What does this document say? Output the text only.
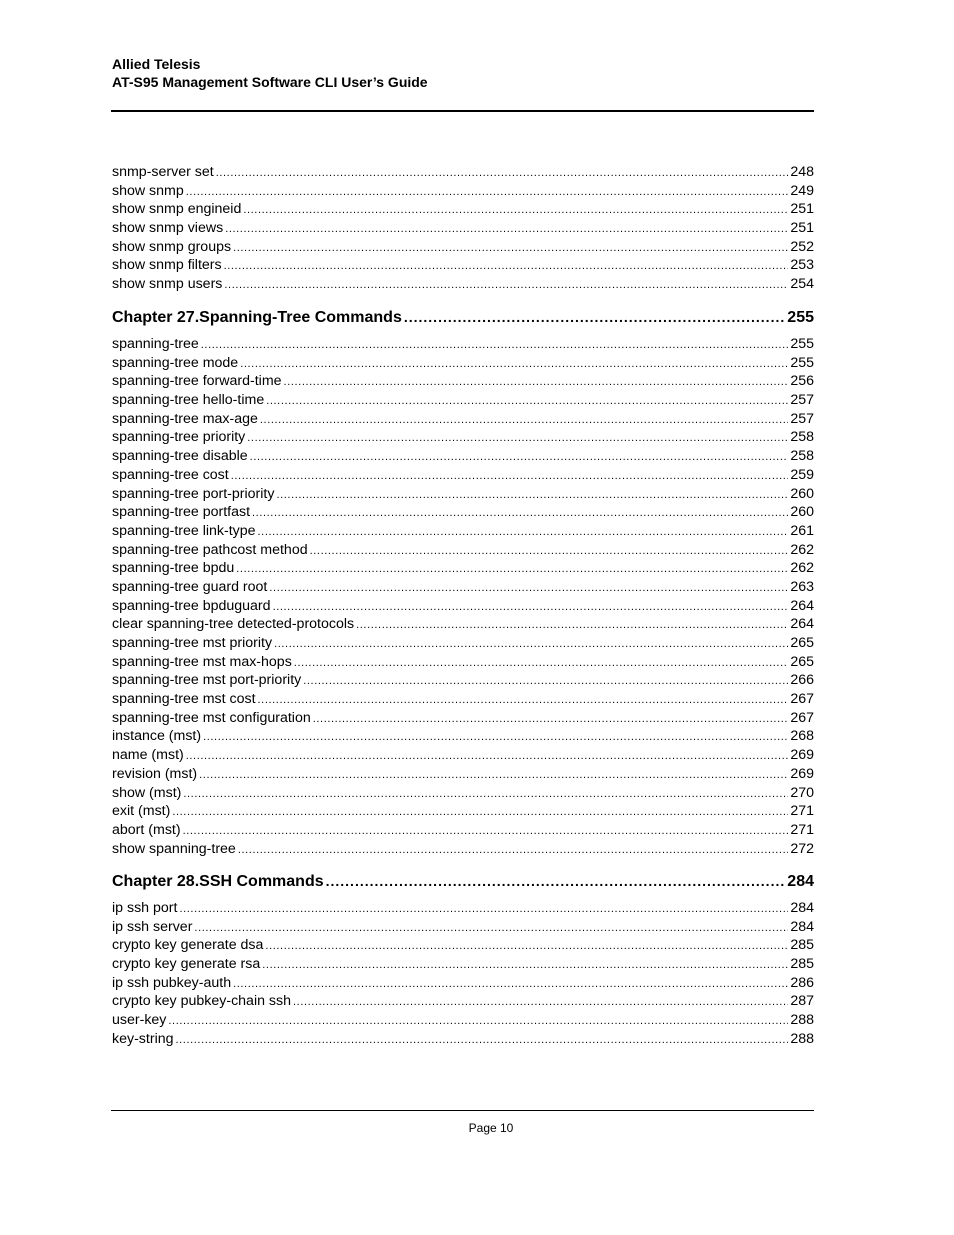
Allied Telesis
AT-S95 Management Software CLI User’s Guide
snmp-server set .....	248
show snmp .....	249
show snmp engineid .....	251
show snmp views .....	251
show snmp groups .....	252
show snmp filters .....	253
show snmp users .....	254
Chapter 27.Spanning-Tree Commands .....	255
spanning-tree .....	255
spanning-tree mode .....	255
spanning-tree forward-time .....	256
spanning-tree hello-time .....	257
spanning-tree max-age .....	257
spanning-tree priority .....	258
spanning-tree disable .....	258
spanning-tree cost .....	259
spanning-tree port-priority .....	260
spanning-tree portfast .....	260
spanning-tree link-type .....	261
spanning-tree pathcost method .....	262
spanning-tree bpdu .....	262
spanning-tree guard root .....	263
spanning-tree bpduguard .....	264
clear spanning-tree detected-protocols .....	264
spanning-tree mst priority .....	265
spanning-tree mst max-hops .....	265
spanning-tree mst port-priority .....	266
spanning-tree mst cost .....	267
spanning-tree mst configuration .....	267
instance (mst) .....	268
name (mst) .....	269
revision (mst) .....	269
show (mst) .....	270
exit (mst) .....	271
abort (mst) .....	271
show spanning-tree .....	272
Chapter 28.SSH Commands .....	284
ip ssh port .....	284
ip ssh server .....	284
crypto key generate dsa .....	285
crypto key generate rsa .....	285
ip ssh pubkey-auth .....	286
crypto key pubkey-chain ssh .....	287
user-key .....	288
key-string .....	288
Page 10
